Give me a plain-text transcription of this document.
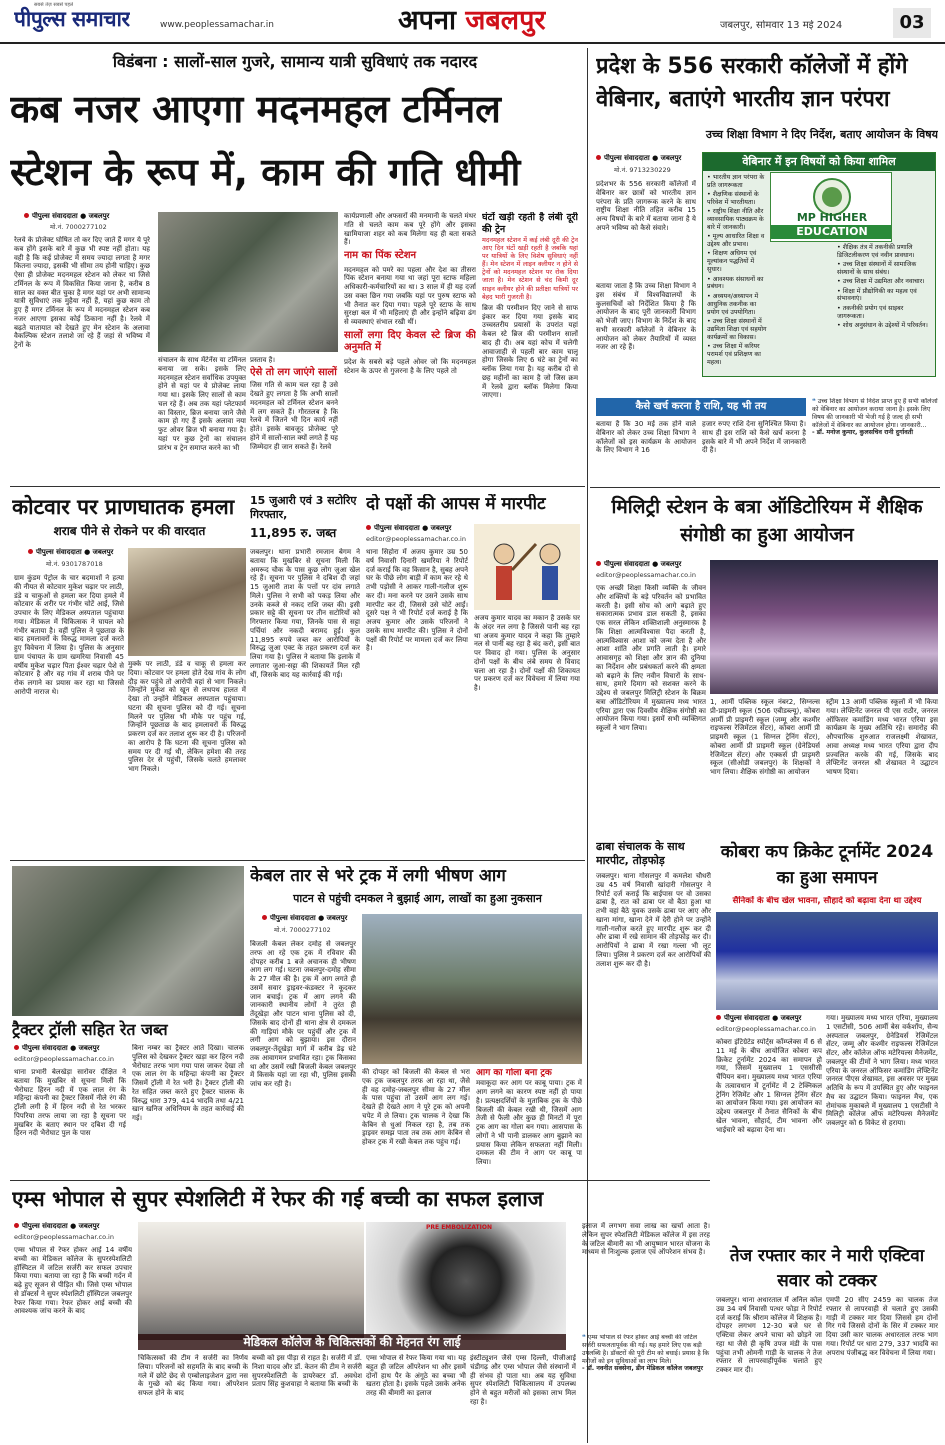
पीपुल्स समाचार
सबसे तेज़ सबसे पहले
www.peoplessamachar.in	अपना जबलपुर	जबलपुर, सोमवार 13 मई 2024	03
विडंबना : सालों-साल गुजरे, सामान्य यात्री सुविधाएं तक नदारद
कब नजर आएगा मदनमहल टर्मिनल स्टेशन के रूप में, काम की गति धीमी
पीपुल्स संवाददाता ● जबलपुर
मो.नं. 7000277102
रेलवे के प्रोजेक्ट घोषित तो कर दिए जाते हैं मगर ये पूरे कब होंगे इसके बारे में कुछ भी स्पष्ट नहीं होता। यह वही है कि कई प्रोजेक्ट में समय ज्यादा लगता है मगर कितना ज्यादा, इसकी भी सीमा तय होनी चाहिए। कुछ ऐसा ही प्रोजेक्ट मदनमहल स्टेशन को लेकर था जिसे टर्मिनल के रूप में विकसित किया जाना है, करीब 8 साल का वक्त बीत चुका है मगर यहां पर अभी सामान्य यात्री सुविधाएं तक मुहैया नहीं हैं, यहां कुछ काम तो हुए हैं मगर टर्मिनल के रूप में मदनमहल स्टेशन कब नजर आएगा इसका कोई ठिकाना नहीं है। रेलवे में बढ़ते यातायात को देखते हुए मेन स्टेशन के अलावा वैकल्पिक स्टेशन तलाशे जा रहे हैं जहां से भविष्य में ट्रेनों के
संचालन के साथ मेंटेनेंस या टर्मिनल बनाया जा सके। इसके लिए मदनमहल स्टेशन सर्वाधिक उपयुक्त होने से यहां पर ये प्रोजेक्ट लाया गया था। इसके लिए सालों से काम चल रहे हैं। अब तक यहां प्लेटफार्म का विस्तार, ब्रिज बनाया जाने जैसे काम हो गए हैं इसके अलावा नया फुट ओवर ब्रिज भी बनाया गया है। यहां पर कुछ ट्रेनों का संचालन प्रारंभ व ट्रेन समाप्त करने का भी
प्रस्ताव है।
ऐसे तो लग जाएंगे सालों
जिस गति से काम चल रहा है उसे देखते हुए लगता है कि अभी सालों मदनमहल को टर्मिनल स्टेशन बनने में लग सकते हैं। गौरतलब है कि रेलवे में जितने भी दिन कार्य नहीं होते। इसके बावजूद प्रोजेक्ट पूरे होने में सालों-साल क्यों लगते हैं यह जिम्मेदार ही जान सकते हैं। रेलवे
कार्यप्रणाली और अफसरों की मनमानी के चलते मंथर गति से चलते काम कब पूरे होंगे और इसका खामियाजा शहर को कब मिलेगा यह ही बता सकते हैं।
नाम का पिंक स्टेशन
मदनमहल को पमरे का पहला और देश का तीसरा पिंक स्टेशन बनाया गया था जहां पूरा स्टाफ महिला अधिकारी-कर्मचारियों का था। 3 साल में ही यह दर्जा उस वक्त छिन गया जबकि यहां पर पुरुष स्टाफ को भी तैनात कर दिया गया। पहले पूरे स्टाफ के साथ सुरक्षा बल में भी महिलाएं ही और इन्होंने बढ़िया ढंग से व्यवस्थाएं संभाल रखी थीं।
सालों लगा दिए केवल स्टे ब्रिज की अनुमति में
प्रदेश के सबसे बड़े पहले ओवर जो कि मदनमहल स्टेशन के ऊपर से गुजरना है के लिए पहले तो
घंटों खड़ी रहती है लंबी दूरी की ट्रेन
मदनमहल स्टेशन में कई लंबी दूरी की ट्रेन आए दिन घंटों खड़ी रहती है जबकि यहां पर यात्रियों के लिए विशेष सुविधाएं नहीं हैं। मेन स्टेशन में लाइन क्लीयर न होने से ट्रेनों को मदनमहल स्टेशन पर रोक दिया जाता है। मेन स्टेशन से चंद किमी दूर साइन क्लीयर होने की प्रतीक्षा यात्रियों पर बेहद भारी गुजरती है।
ब्रिज की परमीशन दिए जाने से साफ इंकार कर दिया गया इसके बाद उच्चस्तरीय प्रयासों के उपरांत यहां केबल स्टे ब्रिज की परमीशन सालों बाद ही दी। अब यहां कोच में चलेगी आवाजाही से पहली बार काम चालू होगा जिसके लिए 6 घंटे का ट्रेनों का ब्लॉक लिया गया है। यह करीब दो से छह महीनों का काम है जो जिस क्रम में रेलवे द्वारा ब्लॉक मिलेगा किया जाएगा।
प्रदेश के 556 सरकारी कॉलेजों में होंगे वेबिनार, बताएंगे भारतीय ज्ञान परंपरा
उच्च शिक्षा विभाग ने दिए निर्देश, बताए आयोजन के विषय
पीपुल्स संवाददाता ● जबलपुर
मो.नं. 9713230229
प्रदेशभर के 556 सरकारी कॉलेजों में वेबिनार कर छात्रों को भारतीय ज्ञान परंपरा के प्रति जागरूक करने के साथ राष्ट्रीय शिक्षा नीति तहित करीब 15 अन्य विषयों के बारे में बताया जाना है ये अपने भविष्य को कैसे संवारे।
बताया जाता है कि उच्च शिक्षा विभाग ने इस संबंध में विश्वविद्यालयों के कुलसचिवों को निर्देशित किया है कि आयोजन के बाद पूरी जानकारी विभाग को भेजी जाए। विभाग के निर्देश के बाद सभी सरकारी कॉलेजों ने वेबिनार के आयोजन को लेकर तैयारियों में व्यस्त नजर आ रहे हैं।
वेबिनार में इन विषयों को किया शामिल
• भारतीय ज्ञान परंपरा के प्रति जागरूकता
• शैक्षणिक संस्थानों के परिवेश में भारतीयता।
• राष्ट्रीय शिक्षा नीति और व्यावसायिक पाठ्यक्रम के बारे में जानकारी।
• मूल्य आधारित शिक्षा व उद्देश्य और प्रभाव।
• शिक्षण अधिगम एवं मूल्यांकन पद्धतियों में सुधार।
• आवश्यक संसाधनों का प्रबंधन।
• अध्ययन/अध्यापन में आधुनिक तकनीक का प्रयोग एवं उपयोगिता।
• उच्च शिक्षा संस्थानों में उद्यमिता शिक्षा एवं सहयोग कार्यक्रमों का विकास।
• उच्च शिक्षा में करियर परामर्श एवं प्रशिक्षण का महत्व।
• शैक्षिक तंत्र में तकनीकी प्रणालि डिजिटलीकरण एवं नवीन प्रावधान।
• उच्च शिक्षा संस्थानों में सामाजिक संस्थानों के साथ संबंध।
• उच्च शिक्षा में उद्यमिता और नवाचार।
• शिक्षा में प्रौद्योगिकी का महत्व एवं संभावनाएं।
• तकनीकी प्रयोग एवं साइबर जागरूकता।
• शोध अनुसंधान के उद्देश्यों में परिवर्तन।
MP HIGHER
EDUCATION
कैसे खर्च करना है राशि, यह भी तय
बताया है कि 30 मई तक होने वाले वेबिनार को लेकर उच्च शिक्षा विभाग ने कॉलेजों को इस कार्यक्रम के आयोजन के लिए विभाग ने 16
हजार रुपए राशि देना सुनिश्चित किया है। साथ ही इस राशि को कैसे खर्च करना है इसके बारे में भी अपने निर्देश में जानकारी दी है।
❝ उच्च शिक्षा विभाग से निर्देश प्राप्त हुए हैं सभी कॉलेजों को वेबिनार का आयोजन कराया जाना है। इसके लिए विषय की जानकारी भी भेजी गई है जल्द ही सभी कॉलेजों में वेबिनार का आयोजन होगा। जानकारी...
- डॉ. मनोज कुमार, कुलसचिव रानी दुर्गावती
कोटवार पर प्राणघातक हमला
शराब पीने से रोकने पर की वारदात
पीपुल्स संवाददाता ● जबलपुर
मो.नं. 9301787018
ग्राम कुंडम पेट्रोल के चार बदमाशों ने हत्या की नीयत से कोटवार मुकेश चढ़ार पर लाठी, डंडे व चाकुओं से हमला कर दिया हमले में कोटवार के शरीर पर गंभीर चोटें आईं, जिसे उपचार के लिए मेडिकल अस्पताल पहुंचाया गया। मेडिकल में चिकित्सक ने घायल को गंभीर बताया है। वहीं पुलिस ने पूछताछ के बाद हमलावरों के विरुद्ध मामला दर्ज करते हुए विवेचना में लिया है। पुलिस के अनुसार ग्राम पंचायत के ग्राम खमरिया निवासी 45 वर्षीय मुकेश चढ़ार पिता ईश्वर चढ़ार पेशे से कोटवार है और वह गांव में शराब पीने पर रोक लगाने का प्रयास कर रहा था जिससे आरोपी नाराज थे।
मुक्के पर लाठी, डंडे व चाकू से हमला कर दिया। कोटवार पर हमला होते देख गांव के लोग दौड़ कर पहुंचे तो आरोपी वहां से भाग निकले। जिन्होंने मुकेश को खून से लथपथ हालत में देखा तो उन्होंने मेडिकल अस्पताल पहुंचाया। घटना की सूचना पुलिस को दी गई। सूचना मिलने पर पुलिस भी मौके पर पहुंच गई, जिन्होंने पूछताछ के बाद हमलावरों के विरुद्ध प्रकरण दर्ज कर तलाश शुरू कर दी है। परिजनों का आरोप है कि घटना की सूचना पुलिस को समय पर दी गई थी, लेकिन हमेशा की तरह पुलिस देर से पहुंची, जिसके चलते हमलावर भाग निकले।
15 जुआरी एवं 3 सटोरिए गिरफ्तार,
11,895 रु. जब्त
जबलपुर। थाना प्रभारी रमजान बेगम ने बताया कि मुखबिर से सूचना मिली कि अमरूद चौक के पास कुछ लोग जुआ खेल रहे हैं। सूचना पर पुलिस ने दबिश दी जहां 15 जुआरी ताश के पत्तों पर दांव लगाते मिले। पुलिस ने सभी को पकड़ लिया और उनके कब्जे से नकद राशि जब्त की। इसी प्रकार सट्टे की सूचना पर तीन सटोरियों को गिरफ्तार किया गया, जिनके पास से सट्टा पर्चियां और नकदी बरामद हुई। कुल 11,895 रुपये जब्त कर आरोपियों के विरुद्ध जुआ एक्ट के तहत प्रकरण दर्ज कर लिया गया है। पुलिस ने बताया कि इलाके में लगातार जुआ-सट्टा की शिकायतें मिल रही थीं, जिसके बाद यह कार्रवाई की गई।
दो पक्षों की आपस में मारपीट
पीपुल्स संवाददाता ● जबलपुर
editor@peoplessamachar.co.in
थाना सिहोरा में अजय कुमार उम्र 50 वर्ष निवासी दिनारी खमरिया ने रिपोर्ट दर्ज कराई कि वह किसान है, सुबह अपने घर के पीछे लोग बाड़ी में काम कर रहे थे तभी पड़ोसी ने आकर गाली-गलौज शुरू कर दी। मना करने पर उसने उसके साथ मारपीट कर दी, जिससे उसे चोटें आईं। दूसरे पक्ष ने भी रिपोर्ट दर्ज कराई है कि अजय कुमार और उसके परिजनों ने उसके साथ मारपीट की। पुलिस ने दोनों पक्षों की रिपोर्ट पर मामला दर्ज कर लिया है।
अजय कुमार यादव का मकान है उसके घर के अंदर नल लगा है जिससे पानी बह रहा था अजय कुमार यादव ने कहा कि तुम्हारे नल से पानी बह रहा है बंद करो, इसी बात पर विवाद हो गया। पुलिस के अनुसार दोनों पक्षों के बीच लंबे समय से विवाद चला आ रहा है। दोनों पक्षों की शिकायत पर प्रकरण दर्ज कर विवेचना में लिया गया है।
मिलिट्री स्टेशन के बत्रा ऑडिटोरियम में शैक्षिक संगोष्ठी का हुआ आयोजन
पीपुल्स संवाददाता ● जबलपुर
editor@peoplessamachar.co.in
एक अच्छी शिक्षा किसी व्यक्ति के जीवन और शक्तियों के बड़े परिवर्तन को प्रभावित करती है। इसी सोच को आगे बढ़ाते हुए सकारात्मक प्रभाव डाल सकती है, इसका एक सरल लेकिन शक्तिशाली अनुस्मारक है कि शिक्षा आत्मविश्वास पैदा करती है, आत्मविश्वास आशा को जन्म देता है और आशा शांति और प्रगति लाती है। हमारे आवासगृह को शिक्षा और ज्ञान की दुनिया का निर्देशन और प्रबंधकर्ता करने की क्षमता को बढ़ाने के लिए नवीन विचारों के साथ-साथ, हमारे दिमाग को सशक्त करने के उद्देश्य से जबलपुर मिलिट्री स्टेशन के बिक्रम बत्रा ऑडिटोरियम में मुख्यालय मध्य भारत एरिया द्वारा एक दिवसीय शैक्षिक संगोष्ठी का आयोजन किया गया। इसमें सभी व्यक्तिगत स्कूलों ने भाग लिया।
1, आर्मी पब्लिक स्कूल नंबर2, सिग्नल्स प्री-प्राइमरी स्कूल (506 एबीडब्ल्यू), कोबरा आर्मी प्री प्राइमरी स्कूल (जम्मू और कश्मीर राइफल्स रेजिमेंटल सेंटर), कोबरा आर्मी प्री प्राइमरी स्कूल (1 सिग्नल ट्रेनिंग सेंटर), कोबरा आर्मी प्री प्राइमरी स्कूल (ग्रेनेडियर्स रेजिमेंटल सेंटर) और एक्कर्स प्री प्राइमरी स्कूल (सीओडी जबलपुर) के शिक्षकों ने भाग लिया। शैक्षिक संगोष्ठी का आयोजन
स्ट्रीम 13 आर्मी पब्लिक स्कूलों में भी किया गया। लेफ्टिनेंट जनरल पी एस राठौर, जनरल ऑफिसर कमांडिंग मध्य भारत एरिया इस कार्यक्रम के मुख्य अतिथि रहे। समारोह की औपचारिक शुरुआत राजलक्ष्मी शेखावत, आवा अध्यक्ष मध्य भारत एरिया द्वारा दीप प्रज्वलित करके की गई, जिसके बाद लेफ्टिनेंट जनरल श्री शेखावत ने उद्घाटन भाषण दिया।
केबल तार से भरे ट्रक में लगी भीषण आग
पाटन से पहुंची दमकल ने बुझाई आग, लाखों का हुआ नुकसान
पीपुल्स संवाददाता ● जबलपुर
मो.नं. 7000277102
बिजली केबल लेकर दमोह से जबलपुर तरफ आ रहे एक ट्रक में रविवार की दोपहर करीब 1 बजे अचानक ही भीषण आग लग गई। घटना जबलपुर-दमोह सीमा के 27 मील की है। ट्रक में आग लगते ही उसमें सवार ड्राइवर-कंडक्टर ने कूदकर जान बचाई। ट्रक में आग लगने की जानकारी स्थानीय लोगों ने तुरंत ही तेंदूखेड़ा और पाटन थाना पुलिस को दी, जिसके बाद दोनों ही थाना क्षेत्र से दमकल की गाड़ियां मौके पर पहुंचीं और ट्रक में लगी आग को बुझाया। इस दौरान जबलपुर-तेंदूखेड़ा मार्ग में करीब डेढ़ घंटे तक आवागमन प्रभावित रहा। ट्रक किसका था और उसमें रखी बिजली केबल जबलपुर में किसके यहां जा रहा थी, पुलिस इसकी जांच कर रही है।
की दोपहर को बिजली की केबल से भरा एक ट्रक जबलपुर तरफ आ रहा था, जैसे ही वह दमोह-जबलपुर सीमा के 27 मील के पास पहुंचा तो उसमें आग लग गई। देखते ही देखते आग ने पूरे ट्रक को अपनी चपेट में ले लिया। ट्रक चालक ने देखा कि केबिन से धुआं निकल रहा है, तब तक ड्राइवर समझ पाता तब तक आग केबिन से होकर ट्रक में रखी केबल तक पहुंच गई।
आग का गोला बना ट्रक
मवाकूदा कर आग पर काबू पाया। ट्रक में आग लगने का कारण स्पष्ट नहीं हो पाया है। प्रत्यक्षदर्शियों के मुताबिक ट्रक के पीछे बिजली की केबल रखी थी, जिसमें आग तेजी से फैली और कुछ ही मिनटों में पूरा ट्रक आग का गोला बन गया। आसपास के लोगों ने भी पानी डालकर आग बुझाने का प्रयास किया लेकिन सफलता नहीं मिली। दमकल की टीम ने आग पर काबू पा लिया।
ट्रैक्टर ट्रॉली सहित रेत जब्त
पीपुल्स संवाददाता ● जबलपुर
editor@peoplessamachar.co.in
थाना प्रभारी बेलखेड़ा सारोवर दीक्षित ने बताया कि मुखबिर से सूचना मिली कि भैरोघाट हिरन नदी में एक लाल रंग के महिन्द्रा कंपनी का ट्रैक्टर जिसमें नीले रंग की ट्रॉली लगी है में हिरन नदी से रेत भरकर पिपरिया तरफ लाया जा रहा है सूचना पर मुखबिर के बताए स्थान पर दबिश दी गई हिरन नदी भैरोघाट पुल के पास
बिना नम्बर का ट्रैक्टर आते दिखा। चालक पुलिस को देखकर ट्रैक्टर खड़ा कर हिरन नदी भैरोघाट तरफ भाग गया पास जाकर देखा तो एक लाल रंग के महिन्द्रा कंपनी का ट्रैक्टर जिसमें ट्रॉली में रेत भरी है। ट्रैक्टर ट्रॉली की रेत सहित जब्त करते हुए ट्रैक्टर चालक के विरुद्ध धारा 379, 414 भादवि तथा 4/21 खान खनिज अधिनियम के तहत कार्रवाई की गई।
ढाबा संचालक के साथ मारपीट, तोड़फोड़
जबलपुर। थाना गोसलपुर में कमलेश चौधरी उम्र 45 वर्ष निवासी खांदारी गोसलपुर ने रिपोर्ट दर्ज कराई कि बाईपास पर वो उसका ढाबा है, रात को ढाबा पर वो बैठा हुआ था तभी वहां बैठे युवक उसके ढाबा पर आए और खाना मांगा, खाना देने में देरी होने पर उन्होंने गाली-गलौज करते हुए मारपीट शुरू कर दी और ढाबा में रखे सामान की तोड़फोड़ कर दी। आरोपियों ने ढाबा में रखा गल्ला भी लूट लिया। पुलिस ने प्रकरण दर्ज कर आरोपियों की तलाश शुरू कर दी है।
कोबरा कप क्रिकेट टूर्नामेंट 2024 का हुआ समापन
सैनिकों के बीच खेल भावना, सौहार्द को बढ़ावा देना था उद्देश्य
पीपुल्स संवाददाता ● जबलपुर
editor@peoplessamachar.co.in
कोबरा इंटिग्रेटेड स्पोर्ट्स कॉम्प्लेक्स में 6 से 11 मई के बीच आयोजित कोबरा कप क्रिकेट टूर्नामेंट 2024 का समापन हो गया, जिसमें मुख्यालय 1 एससीसी चैंपियन बना। मुख्यालय मध्य भारत एरिया के तत्वावधान में टूर्नामेंट में 2 टेक्निकल ट्रेनिंग रेजिमेंट और 1 सिग्नल ट्रेनिंग सेंटर का आयोजन किया गया। इस आयोजन का उद्देश्य जबलपुर में तैनात सैनिकों के बीच खेल भावना, सौहार्द, टीम भावना और भाईचारे को बढ़ावा देना था।
गया। मुख्यालय मध्य भारत एरिया, मुख्यालय 1 एसटीसी, 506 आर्मी बेस वर्कशॉप, सैन्य अस्पताल जबलपुर, ग्रेनेडियर्स रेजिमेंटल सेंटर, जम्मू और कश्मीर राइफल्स रेजिमेंटल सेंटर, और कॉलेज ऑफ मटेरियल्स मैनेजमेंट, जबलपुर की टीमों ने भाग लिया। मध्य भारत एरिया के जनरल ऑफिसर कमांडिंग लेफ्टिनेंट जनरल पीएस शेखावत, इस अवसर पर मुख्य अतिथि के रूप में उपस्थित हुए और फाइनल मैच का उद्घाटन किया। फाइनल मैच, एक रोमांचक मुकाबले में मुख्यालय 1 एसटीसी ने मिलिट्री कॉलेज ऑफ मटेरियल्स मैनेजमेंट जबलपुर को 6 विकेट से हराया।
एम्स भोपाल से सुपर स्पेशलिटी में रेफर की गई बच्ची का सफल इलाज
पीपुल्स संवाददाता ● जबलपुर
editor@peoplessamachar.co.in
एम्स भोपाल से रेफर होकर आई 14 वर्षीय बच्ची का मेडिकल कॉलेज के सुपरस्पेशलिटी हॉस्पिटल में जटिल सर्जरी कर सफल उपचार किया गया। बताया जा रहा है कि बच्ची गर्दन में बढ़े हुए सूजन से पीड़ित थी। जिसे एम्स भोपाल से डॉक्टर्स ने सुपर स्पेशलिटी हॉस्पिटल जबलपुर रेफर किया गया। रेफर होकर आई बच्ची की आवश्यक जांच करने के बाद
PRE EMBOLIZATION
मेडिकल कॉलेज के चिकित्सकों की मेहनत रंग लाई
चिकित्सकों की टीम ने सर्जरी का निर्णय लिया। परिजनों को सहमति के बाद बच्ची के गले में छोटे छेद से एम्बोलाइजेशन द्वारा नस के गुच्छे को बंद किया गया। ऑपरेशन सफल होने के बाद
बच्ची को इस पीड़ा से राहत है। सर्जरी में डॉ. निशा यादव और डॉ. केतन की टीम ने सर्जरी सुपरस्पेशलिटी के डायरेक्टर डॉ. अवधेश प्रताप सिंह कुशवाहा ने बताया कि बच्ची के
एम्स भोपाल से रेफर किया गया था। यह बहुत ही जटिल ऑपरेशन था और इसमें दोनों हाथ पैर के अंगूठे का बच्चा भी खतरा होता है। इसके पहले उसके अनेक तरह की बीमारी का इलाज
इंस्टीट्यूशन जैसे एम्स दिल्ली, पीजीआई चंडीगढ़ और एम्स भोपाल जैसे संस्थानों में ही संभव हो पाता था। अब यह सुविधा सुपर स्पेशलिटी चिकित्सालय में उपलब्ध होने से बहुत मरीजों को इसका लाभ मिल रहा है।
इलाज में लगभग सवा लाख का खर्चा आता है। लेकिन सुपर स्पेशलिटी मेडिकल कॉलेज में इस तरह के जटिल बीमारी का भी आयुष्मान भारत योजना के माध्यम से निःशुल्क इलाज एवं ऑपरेशन संभव है।
❝ एम्स भोपाल से रेफर होकर आई बच्ची की जटिल सर्जरी सफलतापूर्वक की गई। यह हमारे लिए एक बड़ी उपलब्धि है। डॉक्टरों की पूरी टीम को बधाई। प्रयास है कि मरीजों को इन सुविधाओं का लाभ मिले।
- डॉ. नवनीत सक्सेना, डीन मेडिकल कॉलेज जबलपुर
तेज रफ्तार कार ने मारी एक्टिवा सवार को टक्कर
जबलपुर। थाना अधारताल में अनिल कोल उम्र 34 वर्ष निवासी पत्थर फोड़ा ने रिपोर्ट दर्ज कराई कि श्रीराम कॉलेज में शिक्षक है। दोपहर लगभग 12-30 बजे घर से एक्टिवा लेकर अपने चाचा को छोड़ने जा रहा था जैसे ही कृषि उपज मंडी के पास पहुंचा तभी ओमनी गाड़ी के चालक ने तेज रफ्तार से लापरवाहीपूर्वक चलाते हुए टक्कर मार दी।
एमपी 20 सीए 2459 का चालक तेज रफ्तार से लापरवाही से चलाते हुए उसकी गाड़ी में टक्कर मार दिया जिससे हम दोनों गिर गये जिससे दोनों के सिर में टक्कर मार दिया उसी कार चालक अधारताल तरफ भाग गया। रिपोर्ट पर धारा 279, 337 भादवि का अपराध पंजीबद्ध कर विवेचना में लिया गया।
